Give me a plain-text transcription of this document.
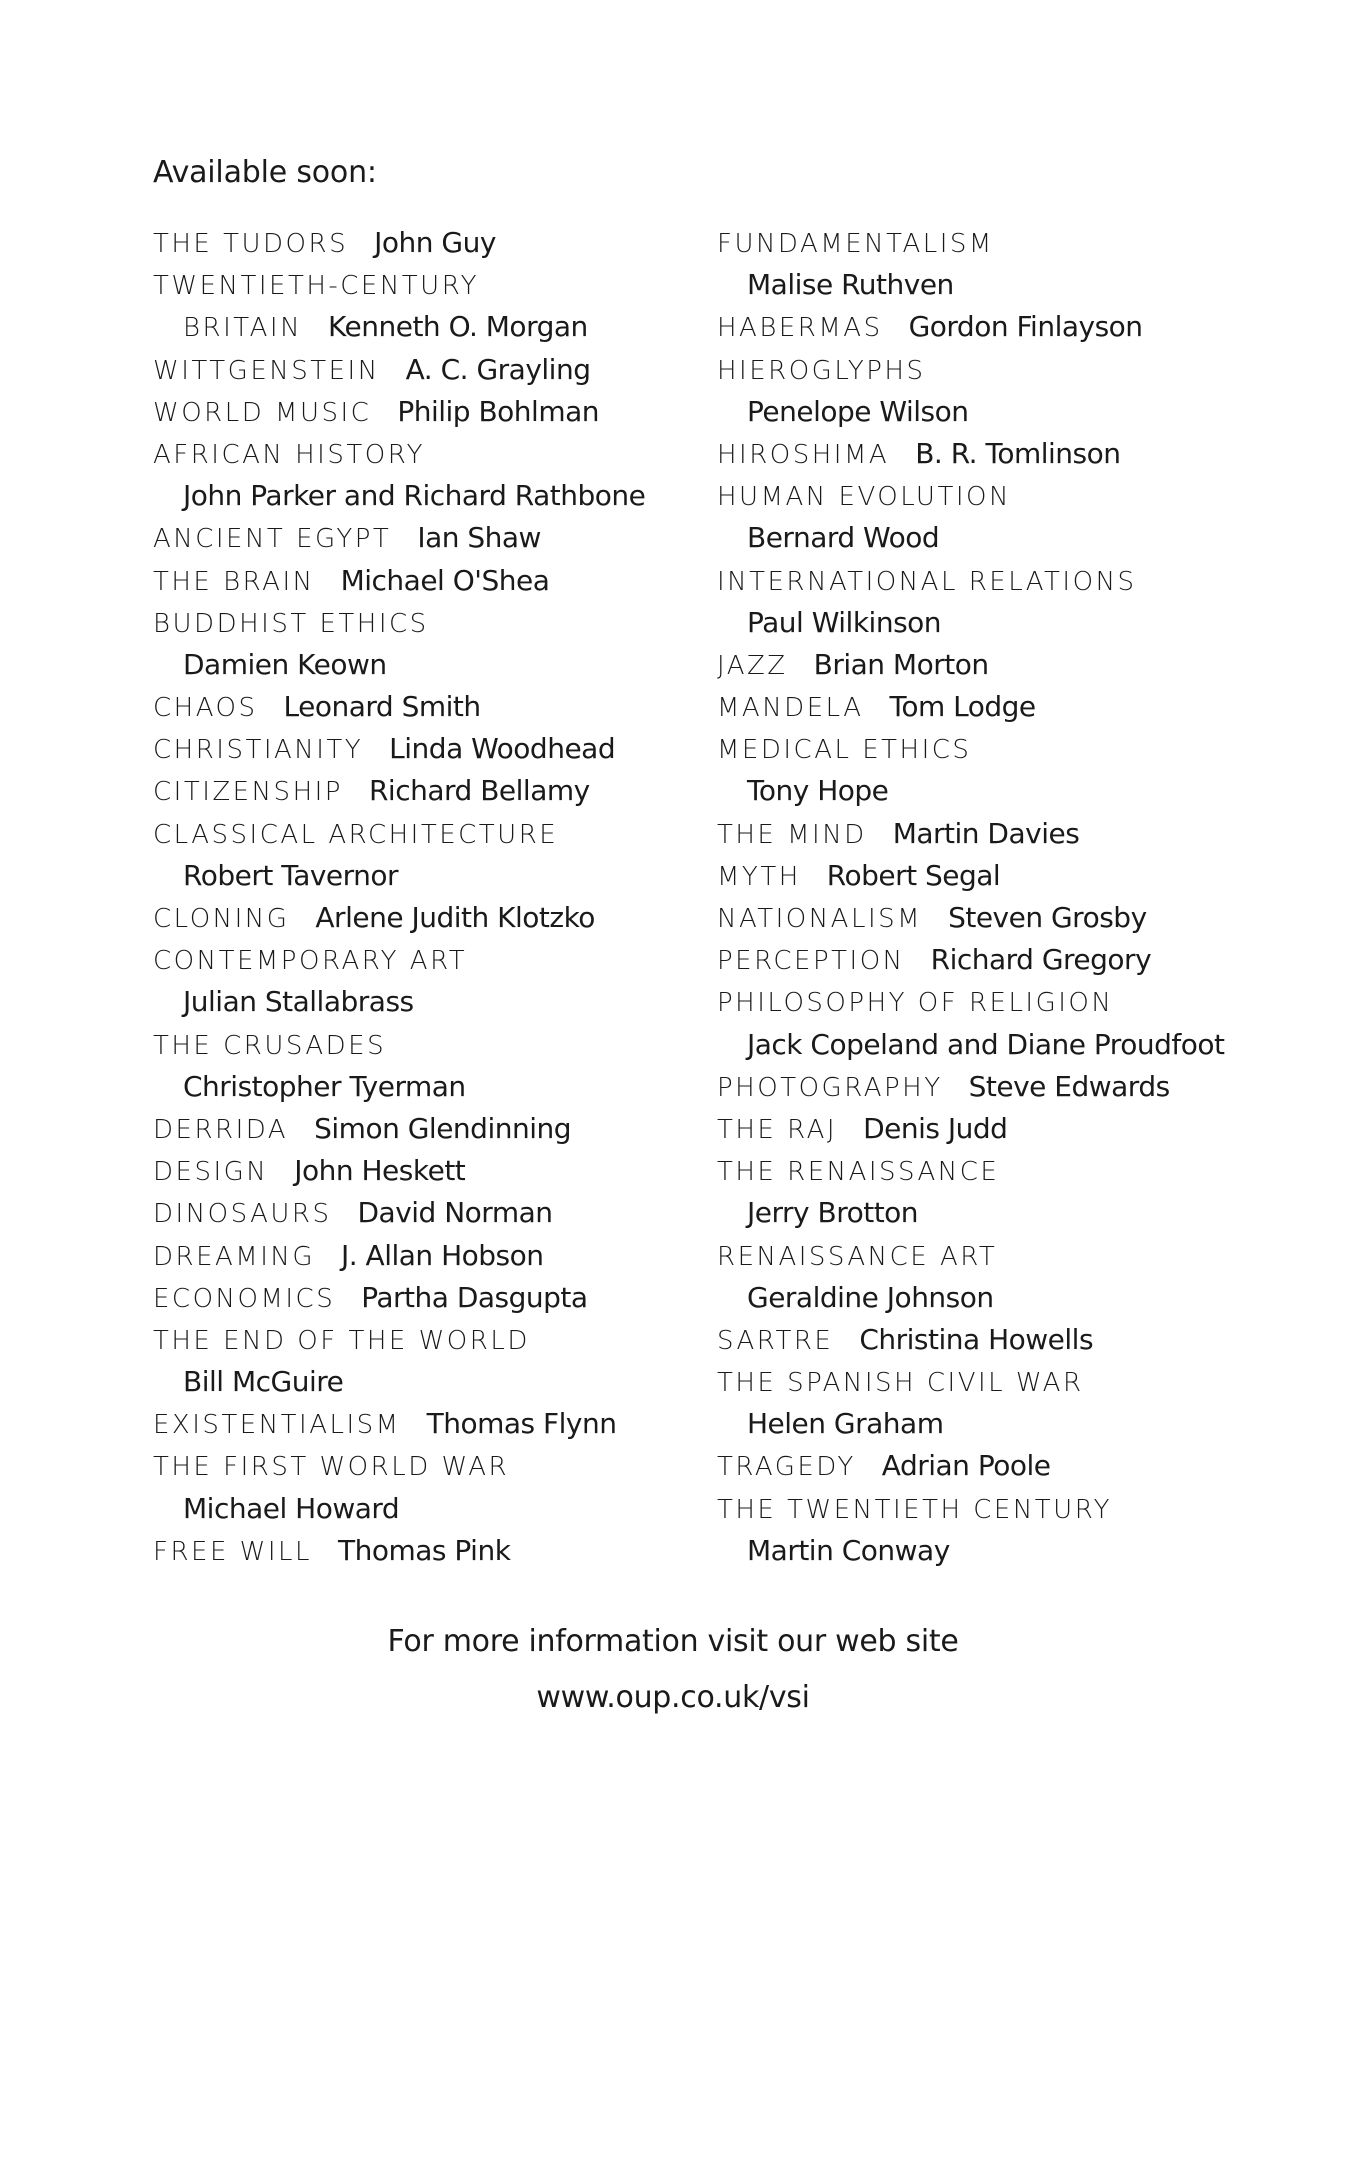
Available soon:
THE TUDORS John Guy
TWENTIETH-CENTURY
BRITAIN Kenneth O. Morgan
WITTGENSTEIN A. C. Grayling
WORLD MUSIC Philip Bohlman
AFRICAN HISTORY
John Parker and Richard Rathbone
ANCIENT EGYPT Ian Shaw
THE BRAIN Michael O'Shea
BUDDHIST ETHICS
Damien Keown
CHAOS Leonard Smith
CHRISTIANITY Linda Woodhead
CITIZENSHIP Richard Bellamy
CLASSICAL ARCHITECTURE
Robert Tavernor
CLONING Arlene Judith Klotzko
CONTEMPORARY ART
Julian Stallabrass
THE CRUSADES
Christopher Tyerman
DERRIDA Simon Glendinning
DESIGN John Heskett
DINOSAURS David Norman
DREAMING J. Allan Hobson
ECONOMICS Partha Dasgupta
THE END OF THE WORLD
Bill McGuire
EXISTENTIALISM Thomas Flynn
THE FIRST WORLD WAR
Michael Howard
FREE WILL Thomas Pink
FUNDAMENTALISM
Malise Ruthven
HABERMAS Gordon Finlayson
HIEROGLYPHS
Penelope Wilson
HIROSHIMA B. R. Tomlinson
HUMAN EVOLUTION
Bernard Wood
INTERNATIONAL RELATIONS
Paul Wilkinson
JAZZ Brian Morton
MANDELA Tom Lodge
MEDICAL ETHICS
Tony Hope
THE MIND Martin Davies
MYTH Robert Segal
NATIONALISM Steven Grosby
PERCEPTION Richard Gregory
PHILOSOPHY OF RELIGION
Jack Copeland and Diane Proudfoot
PHOTOGRAPHY Steve Edwards
THE RAJ Denis Judd
THE RENAISSANCE
Jerry Brotton
RENAISSANCE ART
Geraldine Johnson
SARTRE Christina Howells
THE SPANISH CIVIL WAR
Helen Graham
TRAGEDY Adrian Poole
THE TWENTIETH CENTURY
Martin Conway
For more information visit our web site
www.oup.co.uk/vsi
